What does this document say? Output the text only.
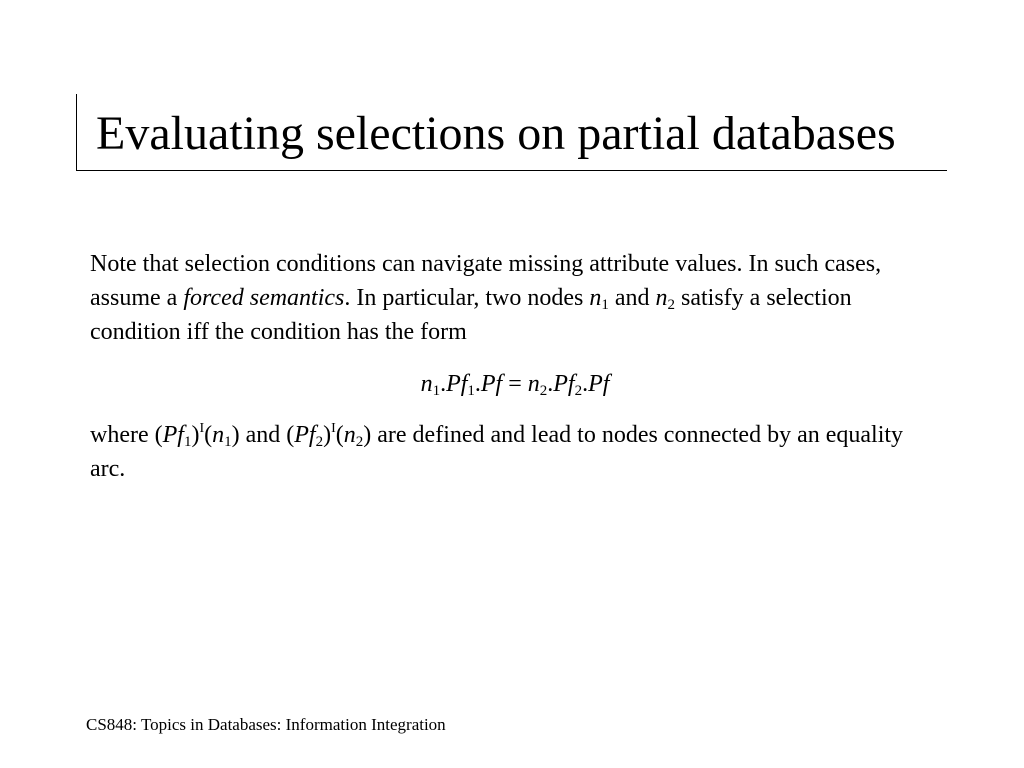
Evaluating selections on partial databases
Note that selection conditions can navigate missing attribute values. In such cases, assume a forced semantics. In particular, two nodes $n_1$ and $n_2$ satisfy a selection condition iff the condition has the form
$n_1.Pf_1.Pf = n_2.Pf_2.Pf$
where $(Pf_1)^I(n_1)$ and $(Pf_2)^I(n_2)$ are defined and lead to nodes connected by an equality arc.
CS848: Topics in Databases: Information Integration
